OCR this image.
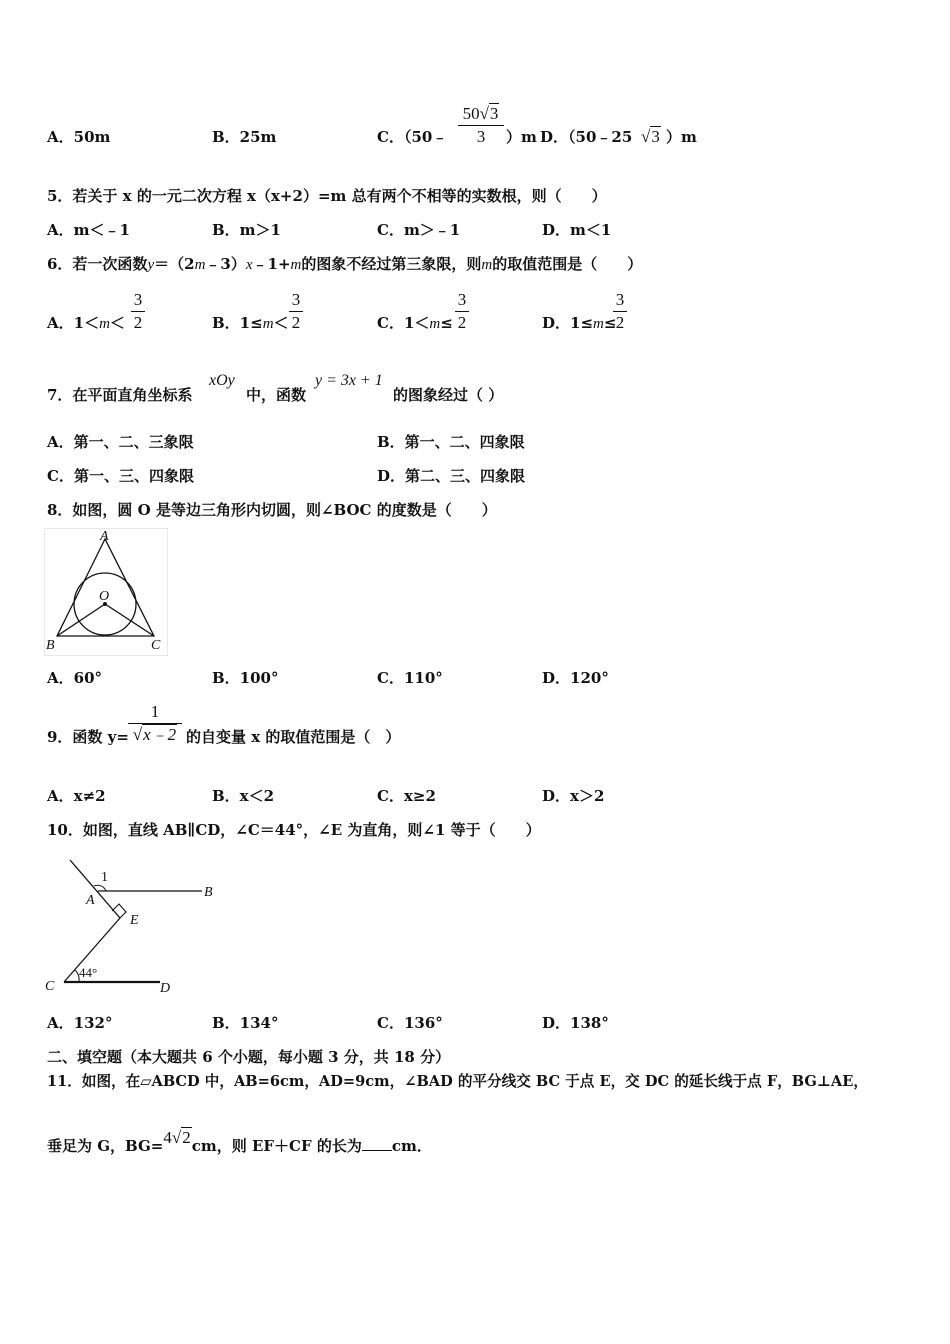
A．50m	B．25m	C．（50﹣
50√3
3	）m D．（50﹣25 √3 ）m
5．若关于 x 的一元二次方程 x（x+2）=m 总有两个不相等的实数根，则（　　）
A．m＜﹣1	B．m＞1	C．m＞﹣1	D．m＜1
6．若一次函数y＝（2m﹣3）x﹣1+m的图象不经过第三象限，则m的取值范围是（　　）
A．1＜m＜
3
2	B．1≤m＜
3
2	C．1＜m≤
3
2	D．1≤m≤
3
2
7．在平面直角坐标系
xOy
中，函数
y = 3x + 1
的图象经过（ ）
A．第一、二、三象限	B．第一、二、四象限
C．第一、三、四象限	D．第二、三、四象限
8．如图，圆 O 是等边三角形内切圆，则∠BOC 的度数是（　　）
A
O
B	C
A．60°	B．100°	C．110°	D．120°
9．函数 y=
1
√x﹣2 的自变量 x 的取值范围是（　）
A．x≠2	B．x＜2	C．x≥2	D．x＞2
10．如图，直线 AB∥CD，∠C＝44°，∠E 为直角，则∠1 等于（　　）
1
A
B
E
44°
C	D
A．132°	B．134°	C．136°	D．138°
二、填空题（本大题共 6 个小题，每小题 3 分，共 18 分）
11．如图，在▱ABCD 中，AB=6cm，AD=9cm，∠BAD 的平分线交 BC 于点 E，交 DC 的延长线于点 F，BG⊥AE，
垂足为 G，BG=4√2cm，则 EF＋CF 的长为 cm．
